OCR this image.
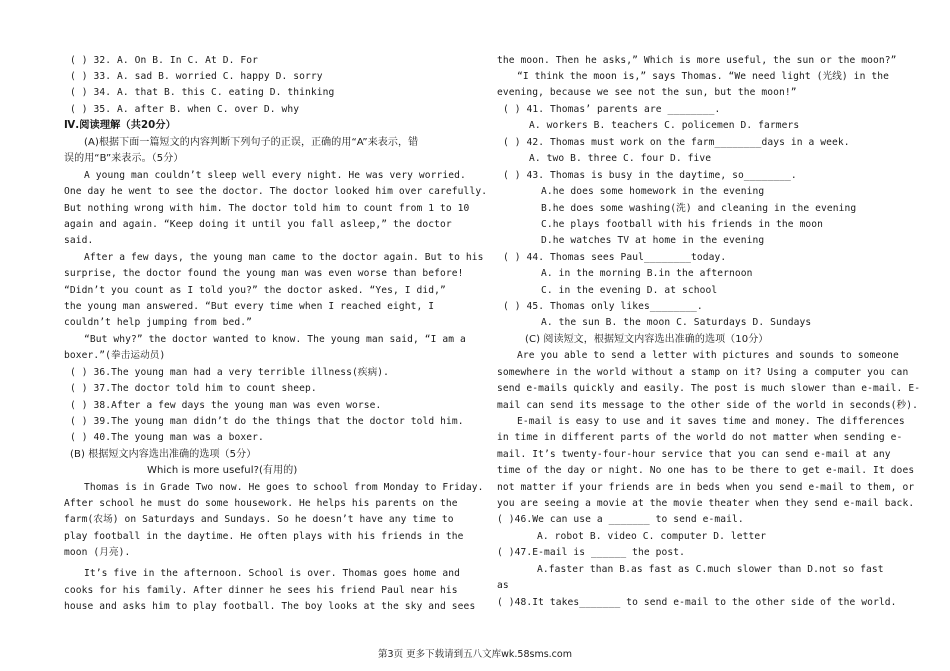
( ) 32. A. On B. In C. At D. For
( ) 33. A. sad B. worried C. happy D. sorry
( ) 34. A. that B. this C. eating D. thinking
( ) 35. A. after B. when C. over D. why
Ⅳ.阅读理解（共20分）
(A)根据下面一篇短文的内容判断下列句子的正误，正确的用“A”来表示，错
误的用“B”来表示。（5分）
A young man couldn’t sleep well every night. He was very worried.
One day he went to see the doctor. The doctor looked him over carefully.
But nothing wrong with him. The doctor told him to count from 1 to 10
again and again. “Keep doing it until you fall asleep,” the doctor
said.
After a few days, the young man came to the doctor again. But to his
surprise, the doctor found the young man was even worse than before!
“Didn’t you count as I told you?” the doctor asked. “Yes, I did,”
the young man answered. “But every time when I reached eight, I
couldn’t help jumping from bed.”
“But why?” the doctor wanted to know. The young man said, “I am a
boxer.”(拳击运动员)
( ) 36.The young man had a very terrible illness(疾病).
( ) 37.The doctor told him to count sheep.
( ) 38.After a few days the young man was even worse.
( ) 39.The young man didn’t do the things that the doctor told him.
( ) 40.The young man was a boxer.
(B) 根据短文内容选出准确的选项（5分）
Which is more useful?(有用的)
Thomas is in Grade Two now. He goes to school from Monday to Friday.
After school he must do some housework. He helps his parents on the
farm(农场) on Saturdays and Sundays. So he doesn’t have any time to
play football in the daytime. He often plays with his friends in the
moon (月亮).
It’s five in the afternoon. School is over. Thomas goes home and
cooks for his family. After dinner he sees his friend Paul near his
house and asks him to play football. The boy looks at the sky and sees
the moon. Then he asks,” Which is more useful, the sun or the moon?”
“I think the moon is,” says Thomas. “We need light (光线) in the
evening, because we see not the sun, but the moon!”
( ) 41. Thomas’ parents are ________.
A. workers B. teachers C. policemen D. farmers
( ) 42. Thomas must work on the farm________days in a week.
A. two B. three C. four D. five
( ) 43. Thomas is busy in the daytime, so________.
A.he does some homework in the evening
B.he does some washing(洗) and cleaning in the evening
C.he plays football with his friends in the moon
D.he watches TV at home in the evening
( ) 44. Thomas sees Paul________today.
A. in the morning B.in the afternoon
C. in the evening D. at school
( ) 45. Thomas only likes________.
A. the sun B. the moon C. Saturdays D. Sundays
(C) 阅读短文，根据短文内容选出准确的选项（10分）
Are you able to send a letter with pictures and sounds to someone
somewhere in the world without a stamp on it? Using a computer you can
send e-mails quickly and easily. The post is much slower than e-mail. E-
mail can send its message to the other side of the world in seconds(秒).
E-mail is easy to use and it saves time and money. The differences
in time in different parts of the world do not matter when sending e-
mail. It’s twenty-four-hour service that you can send e-mail at any
time of the day or night. No one has to be there to get e-mail. It does
not matter if your friends are in beds when you send e-mail to them, or
you are seeing a movie at the movie theater when they send e-mail back.
( )46.We can use a _______ to send e-mail.
A. robot B. video C. computer D. letter
( )47.E-mail is ______ the post.
A.faster than B.as fast as C.much slower than D.not so fast
as
( )48.It takes_______ to send e-mail to the other side of the world.
第3页 更多下载请到五八文库wk.58sms.com
